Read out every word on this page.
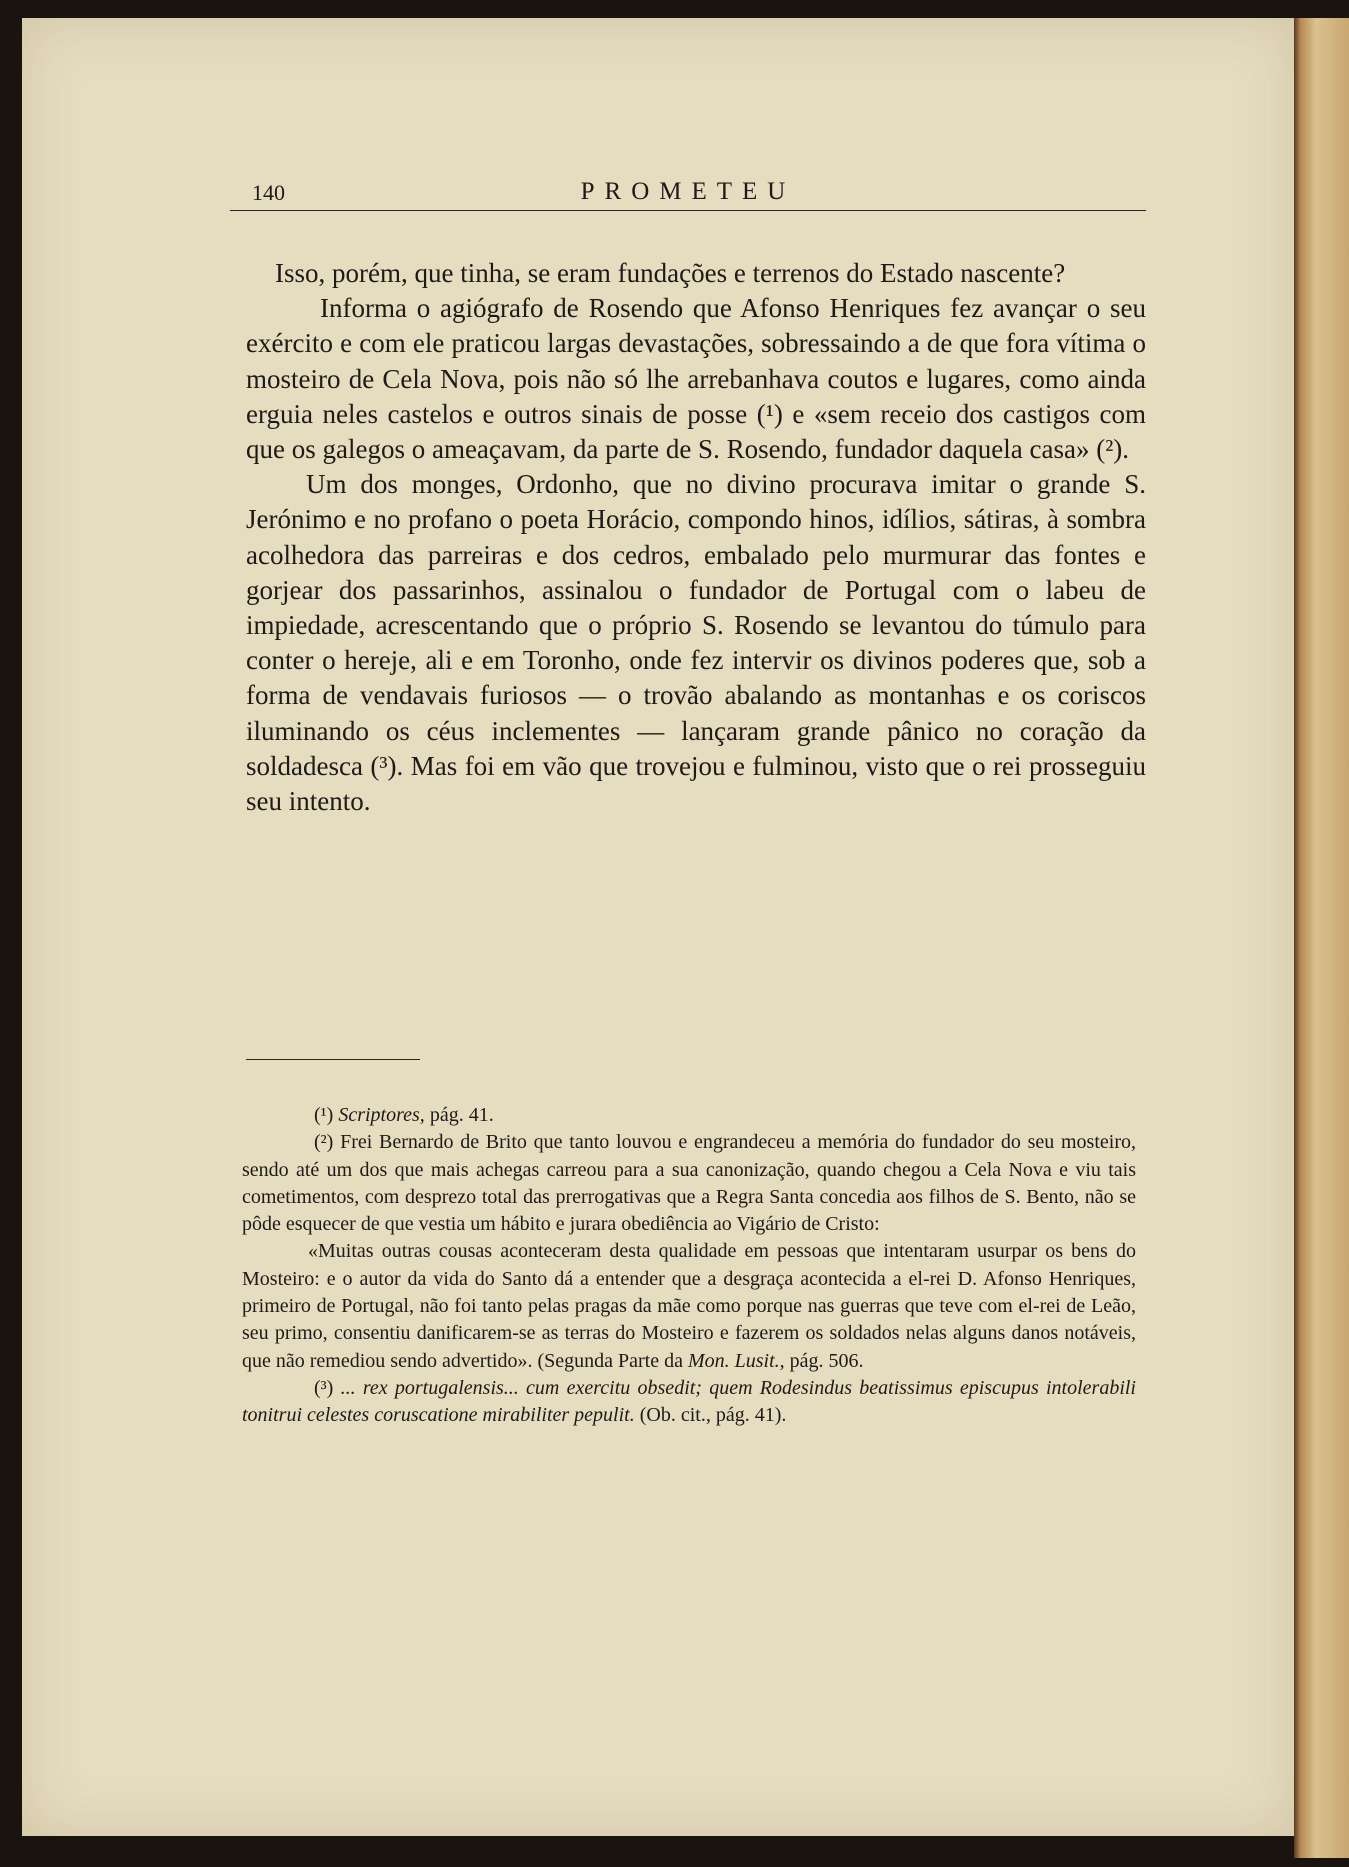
140	PROMETEU

Isso, porém, que tinha, se eram fundações e terrenos do Estado nascente?

Informa o agiógrafo de Rosendo que Afonso Henriques fez avançar o seu exército e com ele praticou largas devastações, sobressaindo a de que fora vítima o mosteiro de Cela Nova, pois não só lhe arrebanhava coutos e lugares, como ainda erguia neles castelos e outros sinais de posse (¹) e «sem receio dos castigos com que os galegos o ameaçavam, da parte de S. Rosendo, fundador daquela casa» (²).

Um dos monges, Ordonho, que no divino procurava imitar o grande S. Jerónimo e no profano o poeta Horácio, compondo hinos, idílios, sátiras, à sombra acolhedora das parreiras e dos cedros, embalado pelo murmurar das fontes e gorjear dos passarinhos, assinalou o fundador de Portugal com o labeu de impiedade, acrescentando que o próprio S. Rosendo se levantou do túmulo para conter o hereje, ali e em Toronho, onde fez intervir os divinos poderes que, sob a forma de vendavais furiosos — o trovão abalando as montanhas e os coriscos iluminando os céus inclementes — lançaram grande pânico no coração da soldadesca (³). Mas foi em vão que trovejou e fulminou, visto que o rei prosseguiu seu intento.

(¹) Scriptores, pág. 41.

(²) Frei Bernardo de Brito que tanto louvou e engrandeceu a memória do fundador do seu mosteiro, sendo até um dos que mais achegas carreou para a sua canonização, quando chegou a Cela Nova e viu tais cometimentos, com desprezo total das prerrogativas que a Regra Santa concedia aos filhos de S. Bento, não se pôde esquecer de que vestia um hábito e jurara obediência ao Vigário de Cristo:

«Muitas outras cousas aconteceram desta qualidade em pessoas que intentaram usurpar os bens do Mosteiro: e o autor da vida do Santo dá a entender que a desgraça acontecida a el-rei D. Afonso Henriques, primeiro de Portugal, não foi tanto pelas pragas da mãe como porque nas guerras que teve com el-rei de Leão, seu primo, consentiu danificarem-se as terras do Mosteiro e fazerem os soldados nelas alguns danos notáveis, que não remediou sendo advertido». (Segunda Parte da Mon. Lusit., pág. 506.

(³) ... rex portugalensis... cum exercitu obsedit; quem Rodesindus beatissimus episcupus intolerabili tonitrui celestes coruscatione mirabiliter pepulit. (Ob. cit., pág. 41).
